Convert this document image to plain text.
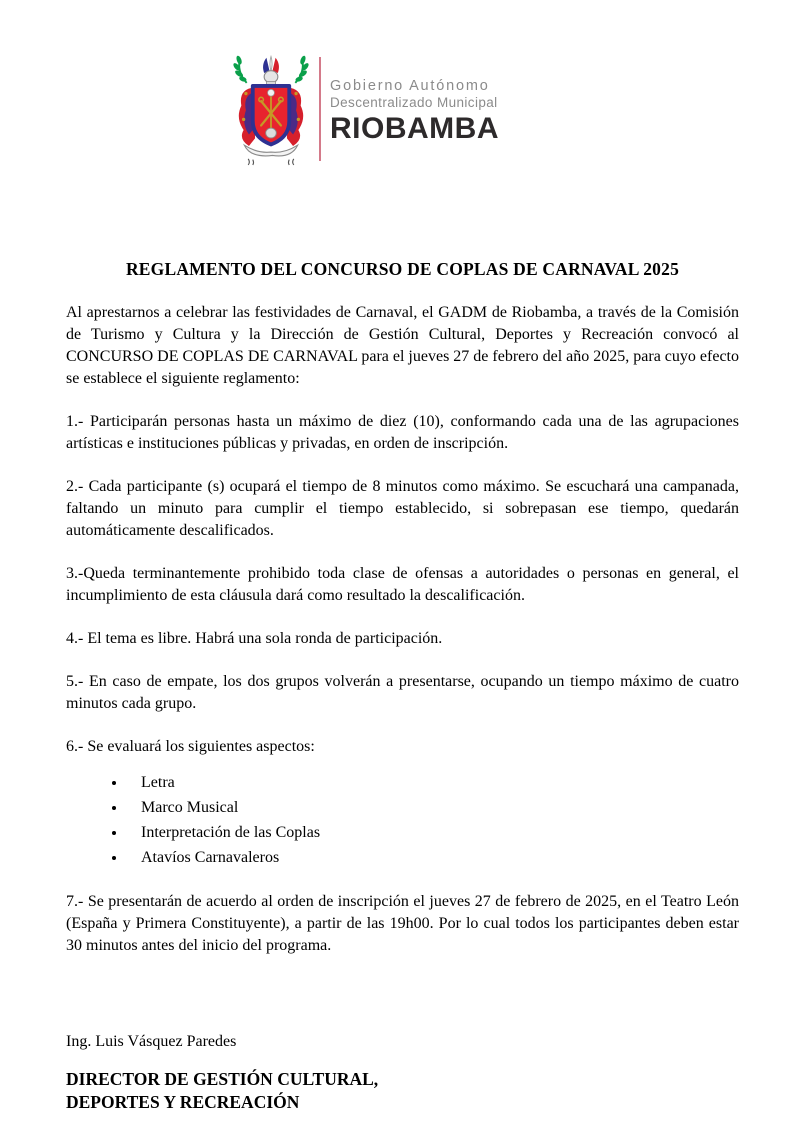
Gobierno Autónomo
Descentralizado Municipal
RIOBAMBA
REGLAMENTO DEL CONCURSO DE COPLAS DE CARNAVAL 2025

Al aprestarnos a celebrar las festividades de Carnaval, el GADM de Riobamba, a través de la Comisión de Turismo y Cultura y la Dirección de Gestión Cultural, Deportes y Recreación convocó al CONCURSO DE COPLAS DE CARNAVAL para el jueves 27 de febrero del año 2025, para cuyo efecto se establece el siguiente reglamento:

1.- Participarán personas hasta un máximo de diez (10), conformando cada una de las agrupaciones artísticas e instituciones públicas y privadas, en orden de inscripción.

2.- Cada participante (s) ocupará el tiempo de 8 minutos como máximo. Se escuchará una campanada, faltando un minuto para cumplir el tiempo establecido, si sobrepasan ese tiempo, quedarán automáticamente descalificados.

3.-Queda terminantemente prohibido toda clase de ofensas a autoridades o personas en general, el incumplimiento de esta cláusula dará como resultado la descalificación.

4.- El tema es libre. Habrá una sola ronda de participación.

5.- En caso de empate, los dos grupos volverán a presentarse, ocupando un tiempo máximo de cuatro minutos cada grupo.

6.- Se evaluará los siguientes aspectos:

• Letra
• Marco Musical
• Interpretación de las Coplas
• Atavíos Carnavaleros

7.- Se presentarán de acuerdo al orden de inscripción el jueves 27 de febrero de 2025, en el Teatro León (España y Primera Constituyente), a partir de las 19h00. Por lo cual todos los participantes deben estar 30 minutos antes del inicio del programa.

Ing. Luis Vásquez Paredes
DIRECTOR DE GESTIÓN CULTURAL,
DEPORTES Y RECREACIÓN
